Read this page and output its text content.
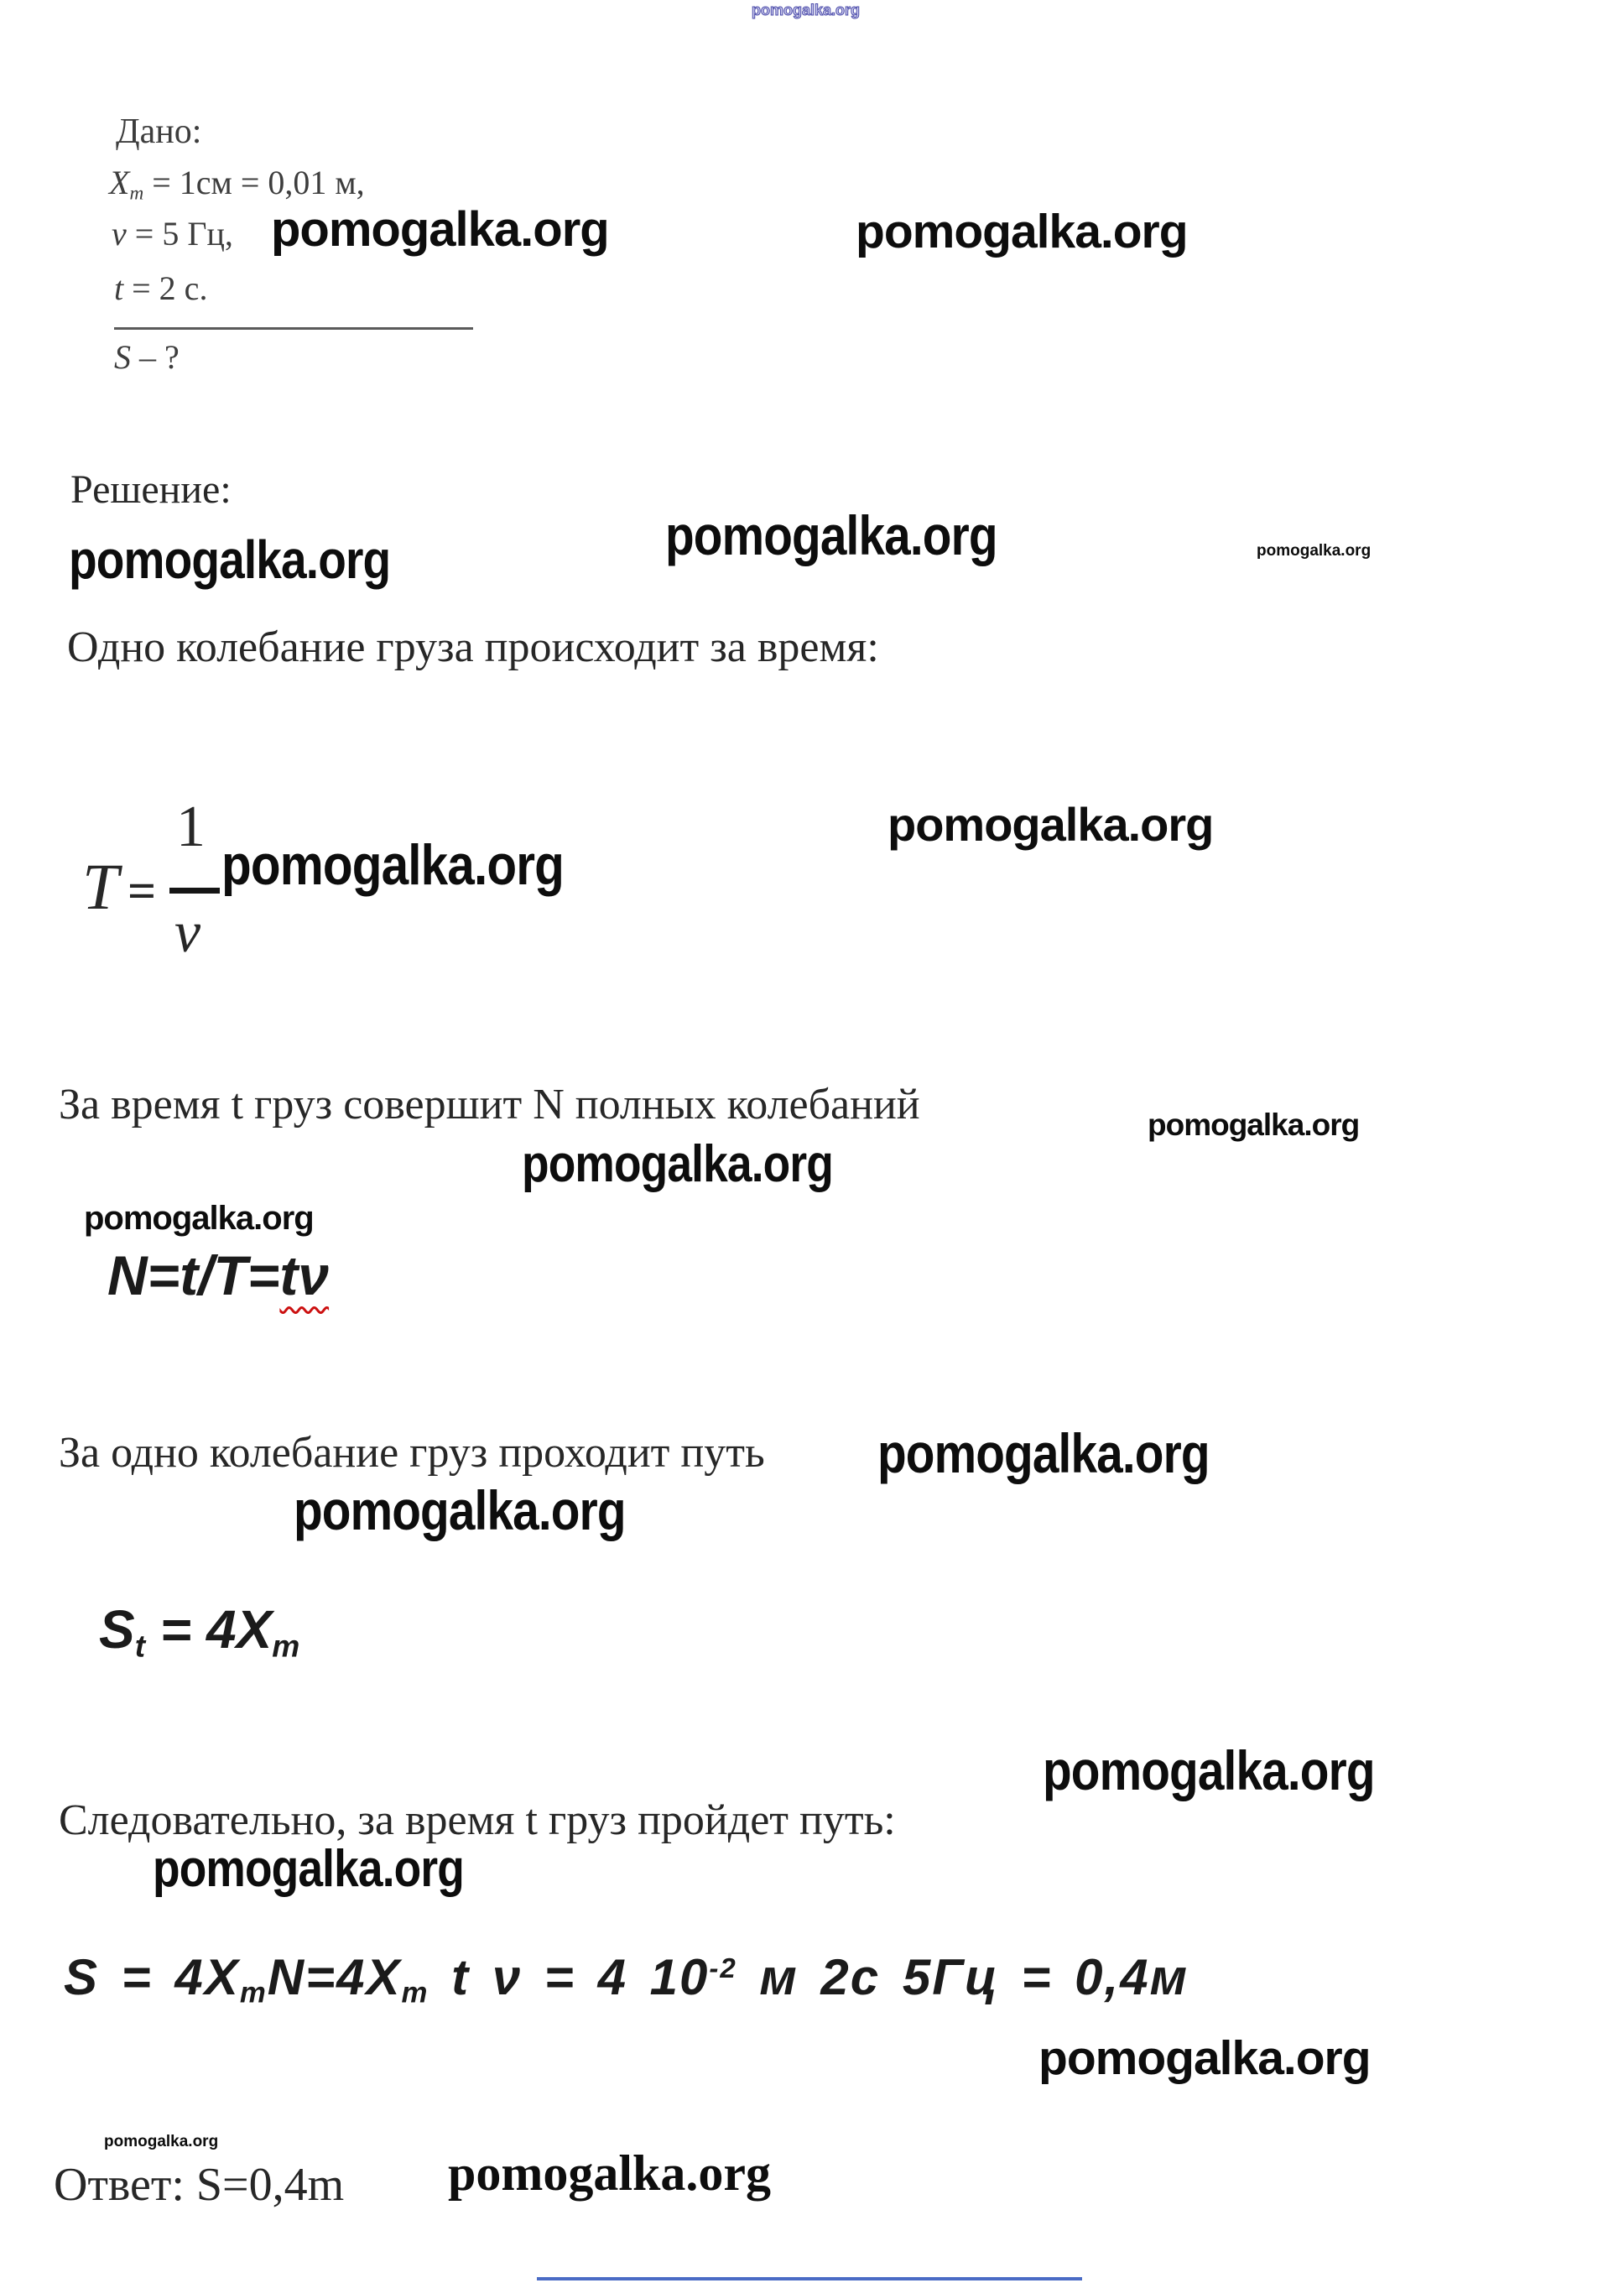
pomogalka.org
Дано:
$X_m = 1см = 0,01$ м,
ν = 5 Гц, pomogalka.org
t = 2 с.
S – ?
pomogalka.org
Решение:
pomogalka.org	pomogalka.org	pomogalka.org
Одно колебание груза происходит за время:
T =
1
ν
pomogalka.org
pomogalka.org
За время t груз совершит N полных колебаний	pomogalka.org
pomogalka.org
pomogalka.org
N=t/T=tν
За одно колебание груз проходит путь pomogalka.org
pomogalka.org
$S_t = 4X_m$
pomogalka.org
Следовательно, за время t груз пройдет путь:
pomogalka.org
$S = 4X_mN=4X_m$ t ν = 4 $10^{-2}$ м 2с 5Гц = 0,4м
pomogalka.org
pomogalka.org
Ответ: S=0,4m pomogalka.org
